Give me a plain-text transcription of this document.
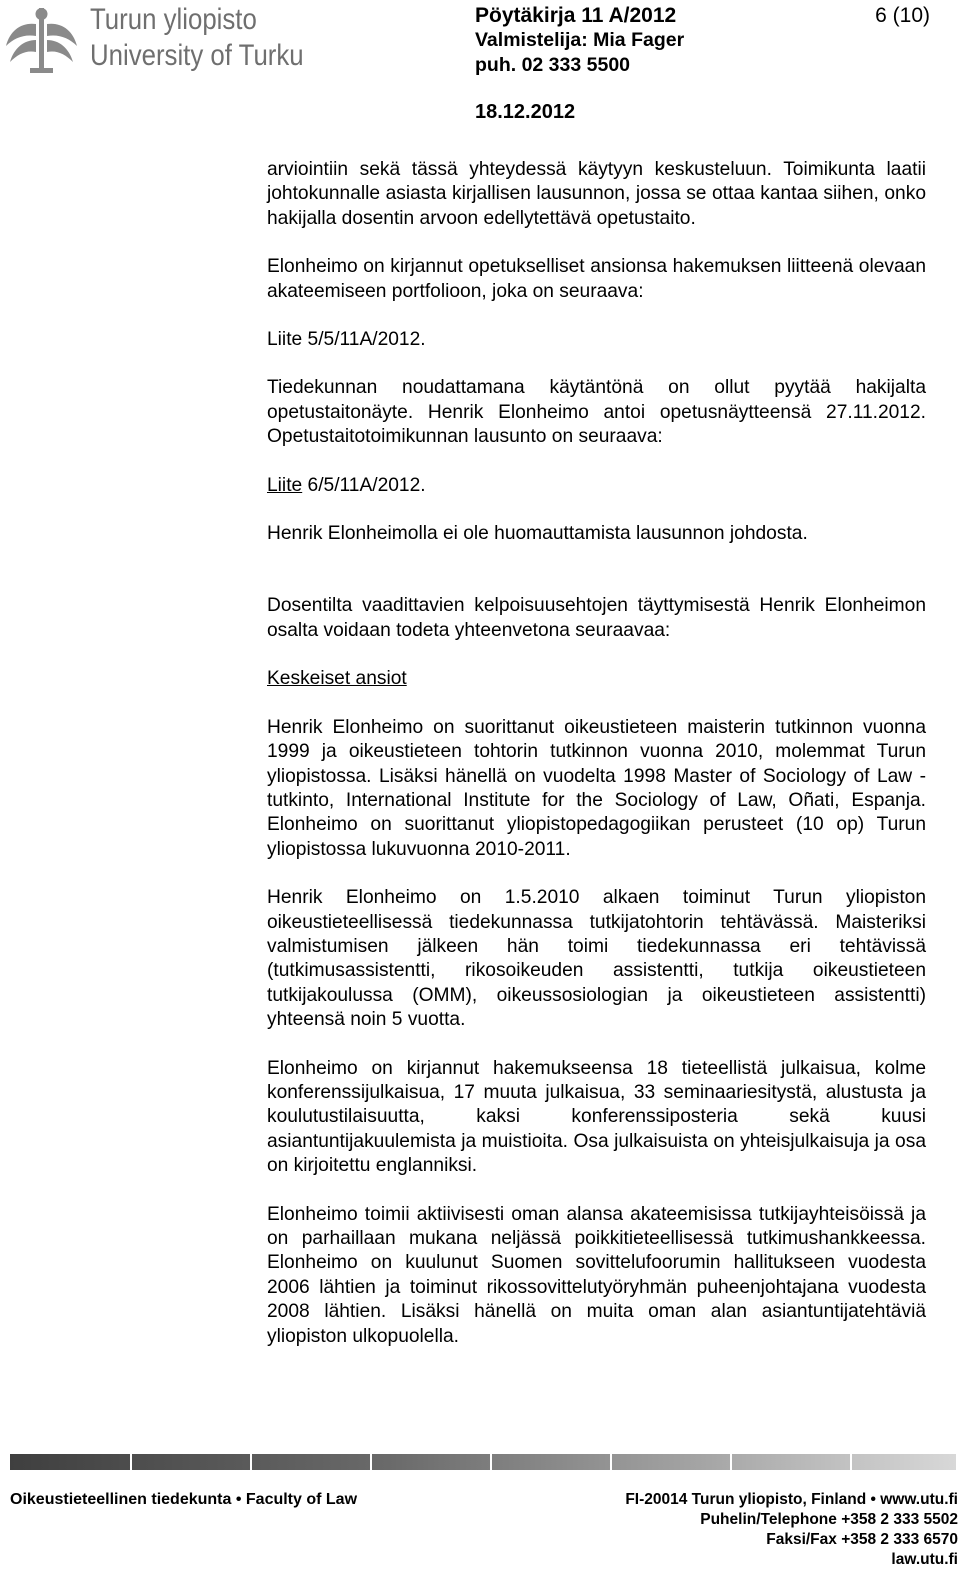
Turun yliopisto
University of Turku
Pöytäkirja 11 A/2012	6 (10)
Valmistelija: Mia Fager
puh. 02 333 5500
18.12.2012

arviointiin sekä tässä yhteydessä käytyyn keskusteluun. Toimikunta laatii johtokunnalle asiasta kirjallisen lausunnon, jossa se ottaa kantaa siihen, onko hakijalla dosentin arvoon edellytettävä opetustaito.

Elonheimo on kirjannut opetukselliset ansionsa hakemuksen liitteenä olevaan akateemiseen portfolioon, joka on seuraava:

Liite 5/5/11A/2012.

Tiedekunnan noudattamana käytäntönä on ollut pyytää hakijalta opetustaitonäyte. Henrik Elonheimo antoi opetusnäytteensä 27.11.2012. Opetustaitotoimikunnan lausunto on seuraava:

Liite 6/5/11A/2012.

Henrik Elonheimolla ei ole huomauttamista lausunnon johdosta.

Dosentilta vaadittavien kelpoisuusehtojen täyttymisestä Henrik Elonheimon osalta voidaan todeta yhteenvetona seuraavaa:

Keskeiset ansiot

Henrik Elonheimo on suorittanut oikeustieteen maisterin tutkinnon vuonna 1999 ja oikeustieteen tohtorin tutkinnon vuonna 2010, molemmat Turun yliopistossa. Lisäksi hänellä on vuodelta 1998 Master of Sociology of Law -tutkinto, International Institute for the Sociology of Law, Oñati, Espanja. Elonheimo on suorittanut yliopistopedagogiikan perusteet (10 op) Turun yliopistossa lukuvuonna 2010-2011.

Henrik Elonheimo on 1.5.2010 alkaen toiminut Turun yliopiston oikeustieteellisessä tiedekunnassa tutkijatohtorin tehtävässä. Maisteriksi valmistumisen jälkeen hän toimi tiedekunnassa eri tehtävissä (tutkimusassistentti, rikosoikeuden assistentti, tutkija oikeustieteen tutkijakoulussa (OMM), oikeussosiologian ja oikeustieteen assistentti) yhteensä noin 5 vuotta.

Elonheimo on kirjannut hakemukseensa 18 tieteellistä julkaisua, kolme konferenssijulkaisua, 17 muuta julkaisua, 33 seminaariesitystä, alustusta ja koulutustilaisuutta, kaksi konferenssiposteria sekä kuusi asiantuntijakuulemista ja muistioita. Osa julkaisuista on yhteisjulkaisuja ja osa on kirjoitettu englanniksi.

Elonheimo toimii aktiivisesti oman alansa akateemisissa tutkijayhteisöissä ja on parhaillaan mukana neljässä poikkitieteellisessä tutkimushankkeessa. Elonheimo on kuulunut Suomen sovittelufoorumin hallitukseen vuodesta 2006 lähtien ja toiminut rikossovittelutyöryhmän puheenjohtajana vuodesta 2008 lähtien. Lisäksi hänellä on muita oman alan asiantuntijatehtäviä yliopiston ulkopuolella.

Oikeustieteellinen tiedekunta • Faculty of Law	FI-20014 Turun yliopisto, Finland • www.utu.fi
Puhelin/Telephone +358 2 333 5502
Faksi/Fax +358 2 333 6570
law.utu.fi
